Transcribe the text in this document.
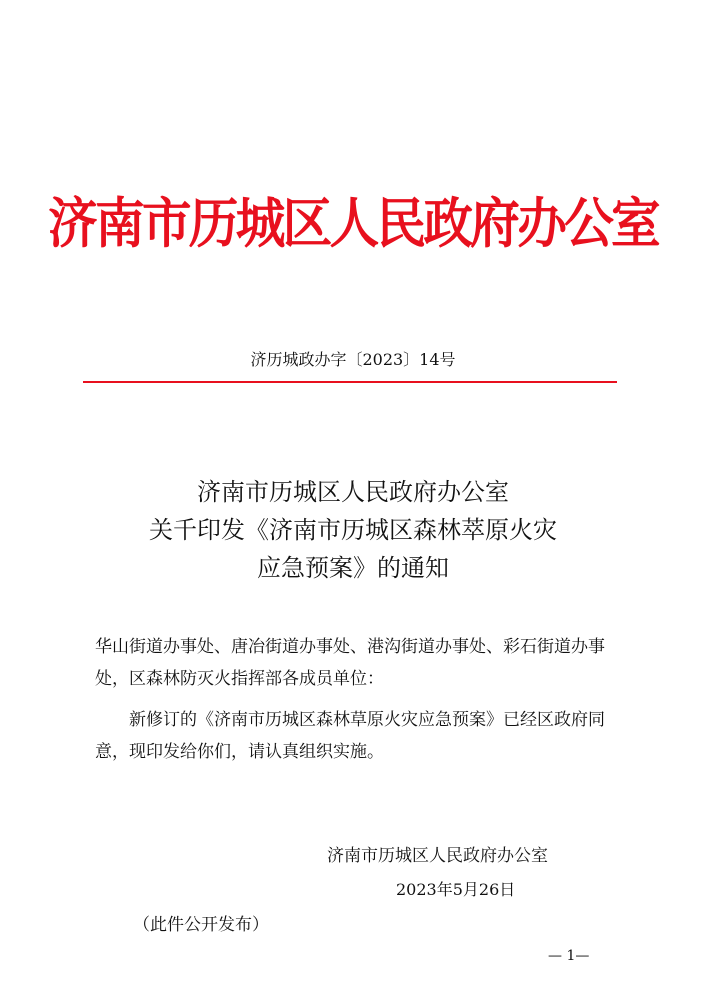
济南市历城区人民政府办公室
济历城政办字〔2023〕14号
济南市历城区人民政府办公室
关千印发《济南市历城区森林萃原火灾
应急预案》的通知
华山街道办事处、唐冶街道办事处、港沟街道办事处、彩石街道办事处，区森林防灭火指挥部各成员单位：
新修订的《济南市历城区森林草原火灾应急预案》已经区政府同意，现印发给你们，请认真组织实施。
济南市历城区人民政府办公室
2023年5月26日
（此件公开发布）
— 1—
